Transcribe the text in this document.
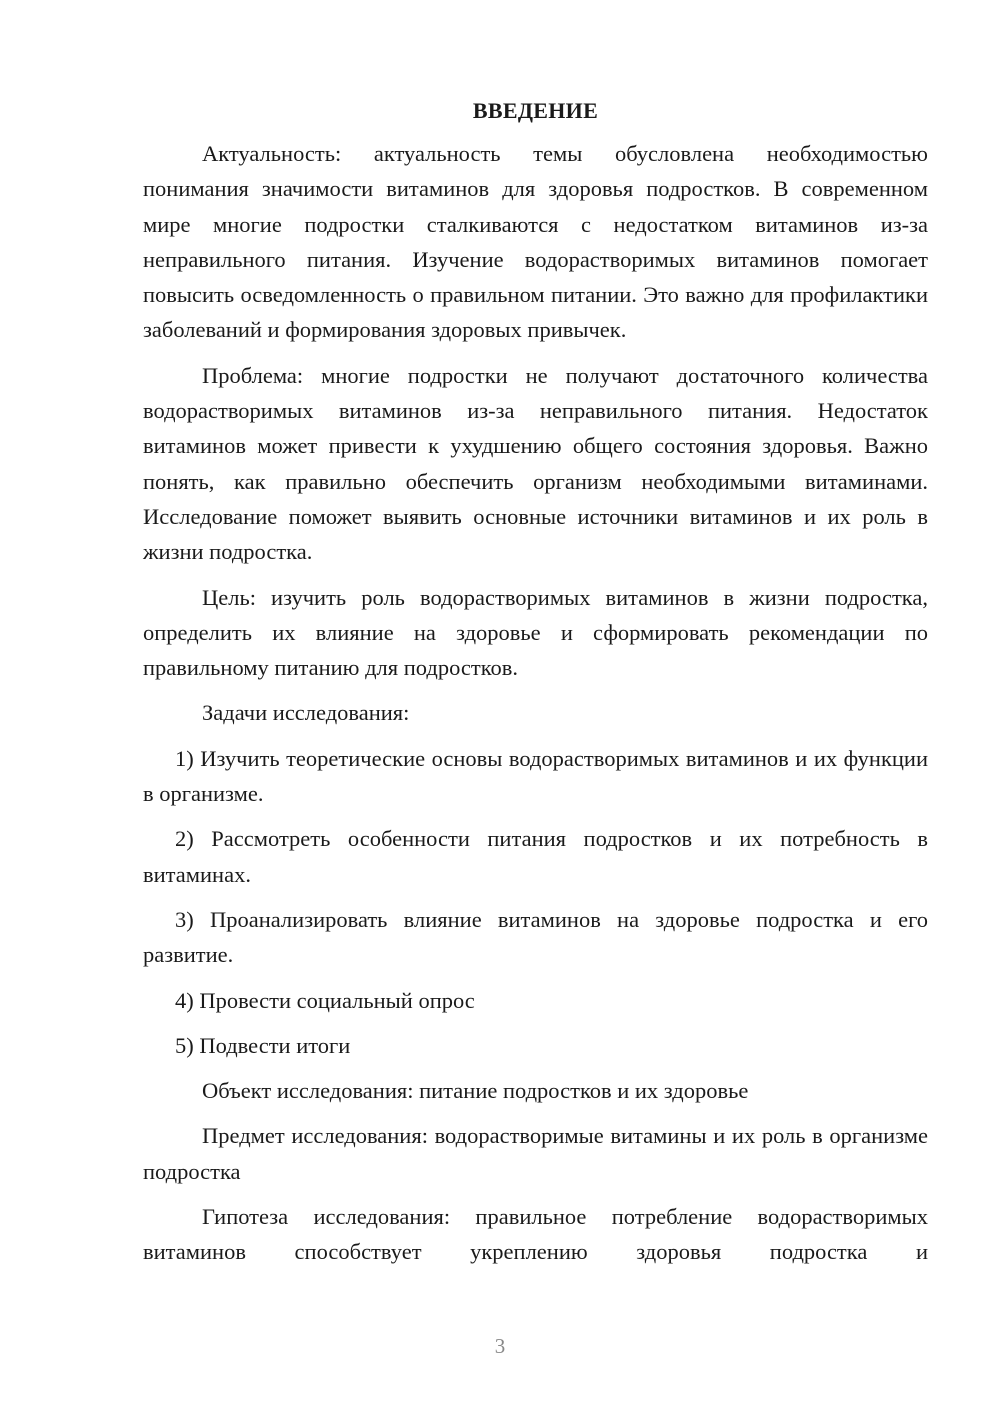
ВВЕДЕНИЕ

Актуальность: актуальность темы обусловлена необходимостью понимания значимости витаминов для здоровья подростков. В современном мире многие подростки сталкиваются с недостатком витаминов из-за неправильного питания. Изучение водорастворимых витаминов помогает повысить осведомленность о правильном питании. Это важно для профилактики заболеваний и формирования здоровых привычек.

Проблема: многие подростки не получают достаточного количества водорастворимых витаминов из-за неправильного питания. Недостаток витаминов может привести к ухудшению общего состояния здоровья. Важно понять, как правильно обеспечить организм необходимыми витаминами. Исследование поможет выявить основные источники витаминов и их роль в жизни подростка.

Цель: изучить роль водорастворимых витаминов в жизни подростка, определить их влияние на здоровье и сформировать рекомендации по правильному питанию для подростков.

Задачи исследования:

1) Изучить теоретические основы водорастворимых витаминов и их функции в организме.

2) Рассмотреть особенности питания подростков и их потребность в витаминах.

3) Проанализировать влияние витаминов на здоровье подростка и его развитие.

4) Провести социальный опрос

5) Подвести итоги

Объект исследования: питание подростков и их здоровье

Предмет исследования: водорастворимые витамины и их роль в организме подростка

Гипотеза исследования: правильное потребление водорастворимых витаминов способствует укреплению здоровья подростка и

3
